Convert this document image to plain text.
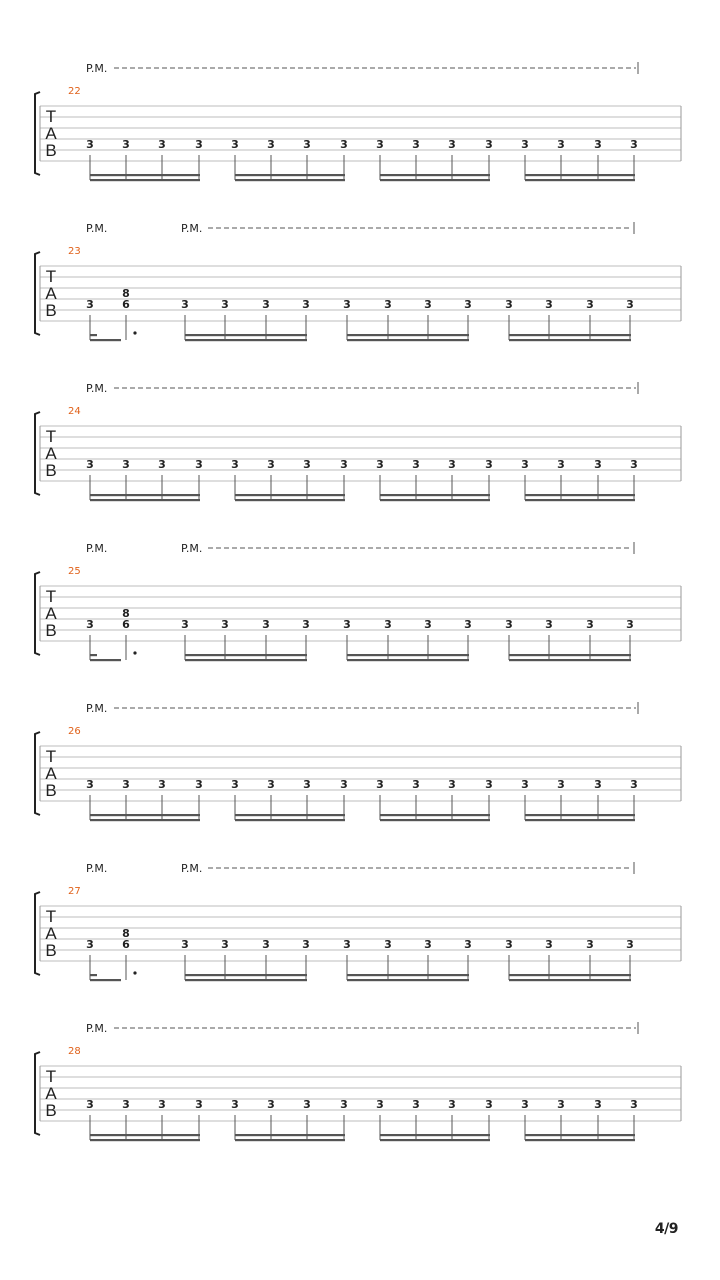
T
A
B
22
P.M.
3	3	3	3	3	3	3	3	3	3	3	3	3	3	3	3
T
A
B
23
P.M.	P.M.
3
8
6	3	3	3	3	3	3	3	3	3	3	3	3
T
A
B
24
P.M.
3	3	3	3	3	3	3	3	3	3	3	3	3	3	3	3
T
A
B
25
P.M.	P.M.
3
8
6	3	3	3	3	3	3	3	3	3	3	3	3
T
A
B
26
P.M.
3	3	3	3	3	3	3	3	3	3	3	3	3	3	3	3
T
A
B
27
P.M.	P.M.
3
8
6	3	3	3	3	3	3	3	3	3	3	3	3
T
A
B
28
P.M.
3	3	3	3	3	3	3	3	3	3	3	3	3	3	3	3
4/9
